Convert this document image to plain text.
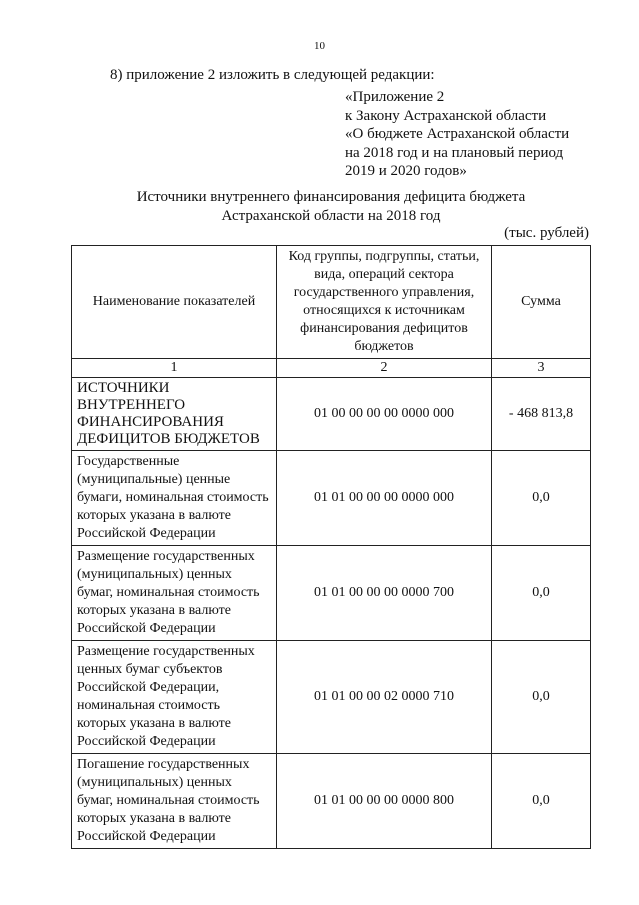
10
8) приложение 2 изложить в следующей редакции:
«Приложение 2
к Закону Астраханской области
«О бюджете Астраханской области
на 2018 год и на плановый период
2019 и 2020 годов»
Источники внутреннего финансирования дефицита бюджета
Астраханской области на 2018 год
(тыс. рублей)
Наименование показателей	Код группы, подгруппы, статьи, вида, операций сектора государственного управления, относящихся к источникам финансирования дефицитов бюджетов	Сумма
1	2	3
ИСТОЧНИКИ ВНУТРЕННЕГО ФИНАНСИРОВАНИЯ ДЕФИЦИТОВ БЮДЖЕТОВ	01 00 00 00 00 0000 000	- 468 813,8
Государственные (муниципальные) ценные бумаги, номинальная стоимость которых указана в валюте Российской Федерации	01 01 00 00 00 0000 000	0,0
Размещение государственных (муниципальных) ценных бумаг, номинальная стоимость которых указана в валюте Российской Федерации	01 01 00 00 00 0000 700	0,0
Размещение государственных ценных бумаг субъектов Российской Федерации, номинальная стоимость которых указана в валюте Российской Федерации	01 01 00 00 02 0000 710	0,0
Погашение государственных (муниципальных) ценных бумаг, номинальная стоимость которых указана в валюте Российской Федерации	01 01 00 00 00 0000 800	0,0
